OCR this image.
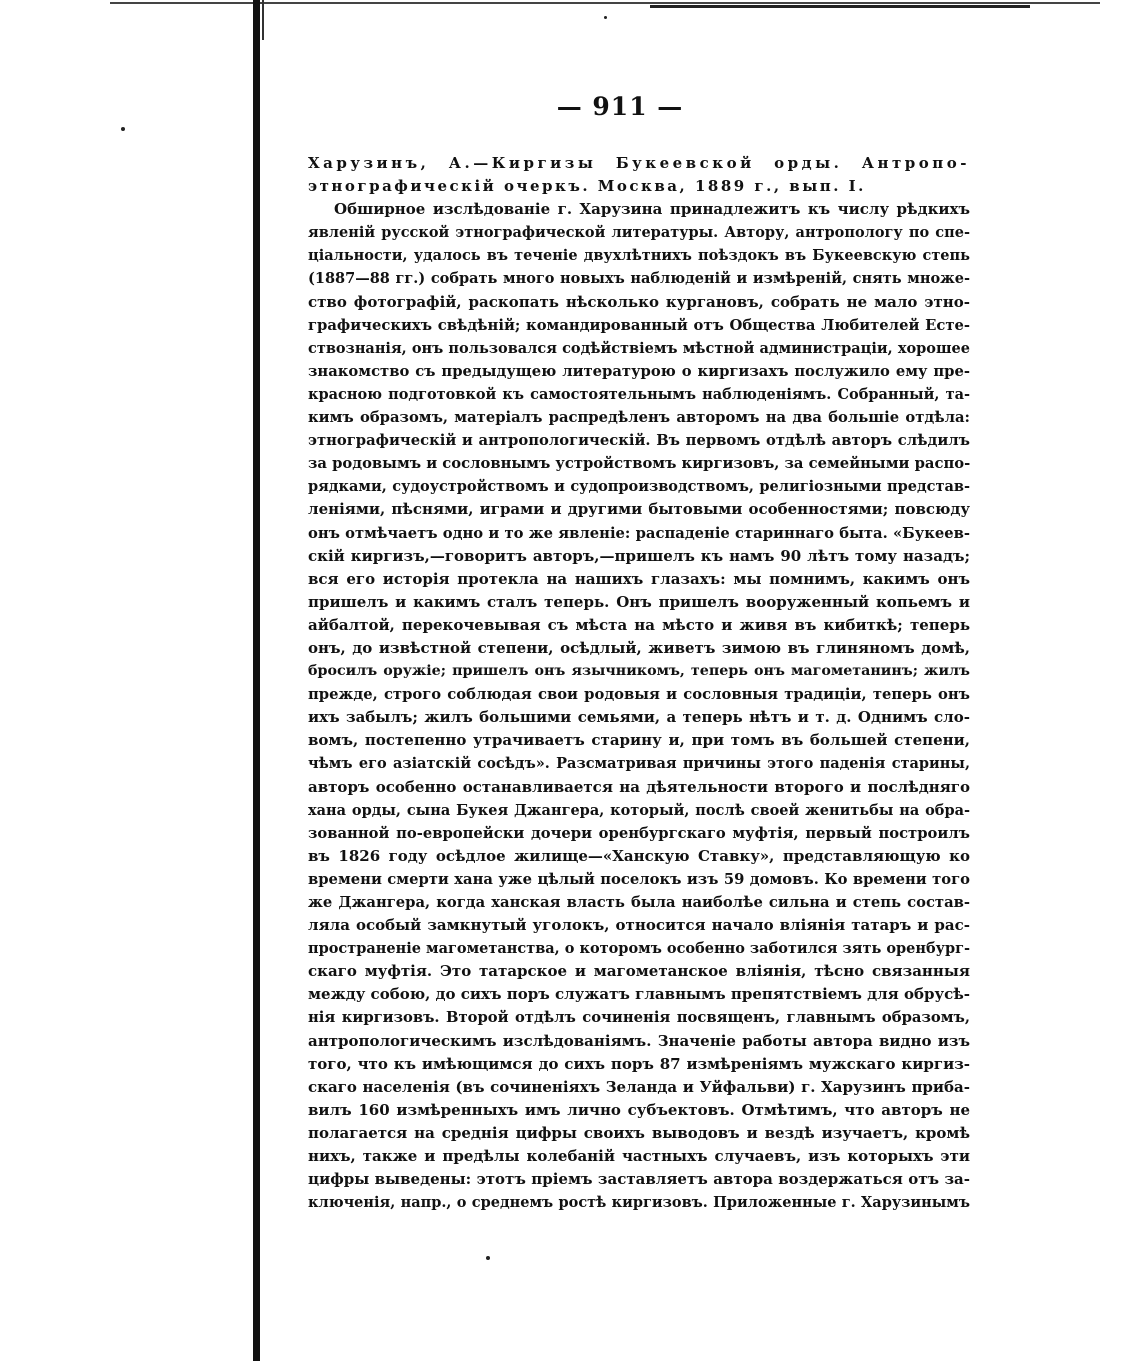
— 911 —
Харузинъ, А.—Киргизы Букеевской орды. Антропо-
этнографическій очеркъ. Москва, 1889 г., вып. I.
Обширное изслѣдованіе г. Харузина принадлежитъ къ числу рѣдкихъ
явленій русской этнографической литературы. Автору, антропологу по спе-
ціальности, удалось въ теченіе двухлѣтнихъ поѣздокъ въ Букеевскую степь
(1887—88 гг.) собрать много новыхъ наблюденій и измѣреній, снять множе-
ство фотографій, раскопать нѣсколько кургановъ, собрать не мало этно-
графическихъ свѣдѣній; командированный отъ Общества Любителей Есте-
ствознанія, онъ пользовался содѣйствіемъ мѣстной администраціи, хорошее
знакомство съ предыдущею литературою о киргизахъ послужило ему пре-
красною подготовкой къ самостоятельнымъ наблюденіямъ. Собранный, та-
кимъ образомъ, матеріалъ распредѣленъ авторомъ на два большіе отдѣла:
этнографическій и антропологическій. Въ первомъ отдѣлѣ авторъ слѣдилъ
за родовымъ и сословнымъ устройствомъ киргизовъ, за семейными распо-
рядками, судоустройствомъ и судопроизводствомъ, религіозными представ-
леніями, пѣснями, играми и другими бытовыми особенностями; повсюду
онъ отмѣчаетъ одно и то же явленіе: распаденіе стариннаго быта. «Букеев-
скій киргизъ,—говоритъ авторъ,—пришелъ къ намъ 90 лѣтъ тому назадъ;
вся его исторія протекла на нашихъ глазахъ: мы помнимъ, какимъ онъ
пришелъ и какимъ сталъ теперь. Онъ пришелъ вооруженный копьемъ и
айбалтой, перекочевывая съ мѣста на мѣсто и живя въ кибиткѣ; теперь
онъ, до извѣстной степени, осѣдлый, живетъ зимою въ глиняномъ домѣ,
бросилъ оружіе; пришелъ онъ язычникомъ, теперь онъ магометанинъ; жилъ
прежде, строго соблюдая свои родовыя и сословныя традиціи, теперь онъ
ихъ забылъ; жилъ большими семьями, а теперь нѣтъ и т. д. Однимъ сло-
вомъ, постепенно утрачиваетъ старину и, при томъ въ большей степени,
чѣмъ его азіатскій сосѣдъ». Разсматривая причины этого паденія старины,
авторъ особенно останавливается на дѣятельности второго и послѣдняго
хана орды, сына Букея Джангера, который, послѣ своей женитьбы на обра-
зованной по-европейски дочери оренбургскаго муфтія, первый построилъ
въ 1826 году осѣдлое жилище—«Ханскую Ставку», представляющую ко
времени смерти хана уже цѣлый поселокъ изъ 59 домовъ. Ко времени того
же Джангера, когда ханская власть была наиболѣе сильна и степь состав-
ляла особый замкнутый уголокъ, относится начало вліянія татаръ и рас-
пространеніе магометанства, о которомъ особенно заботился зять оренбург-
скаго муфтія. Это татарское и магометанское вліянія, тѣсно связанныя
между собою, до сихъ поръ служатъ главнымъ препятствіемъ для обрусѣ-
нія киргизовъ. Второй отдѣлъ сочиненія посвященъ, главнымъ образомъ,
антропологическимъ изслѣдованіямъ. Значеніе работы автора видно изъ
того, что къ имѣющимся до сихъ поръ 87 измѣреніямъ мужскаго киргиз-
скаго населенія (въ сочиненіяхъ Зеланда и Уйфальви) г. Харузинъ приба-
вилъ 160 измѣренныхъ имъ лично субъектовъ. Отмѣтимъ, что авторъ не
полагается на среднія цифры своихъ выводовъ и вездѣ изучаетъ, кромѣ
нихъ, также и предѣлы колебаній частныхъ случаевъ, изъ которыхъ эти
цифры выведены: этотъ пріемъ заставляетъ автора воздержаться отъ за-
ключенія, напр., о среднемъ ростѣ киргизовъ. Приложенные г. Харузинымъ
